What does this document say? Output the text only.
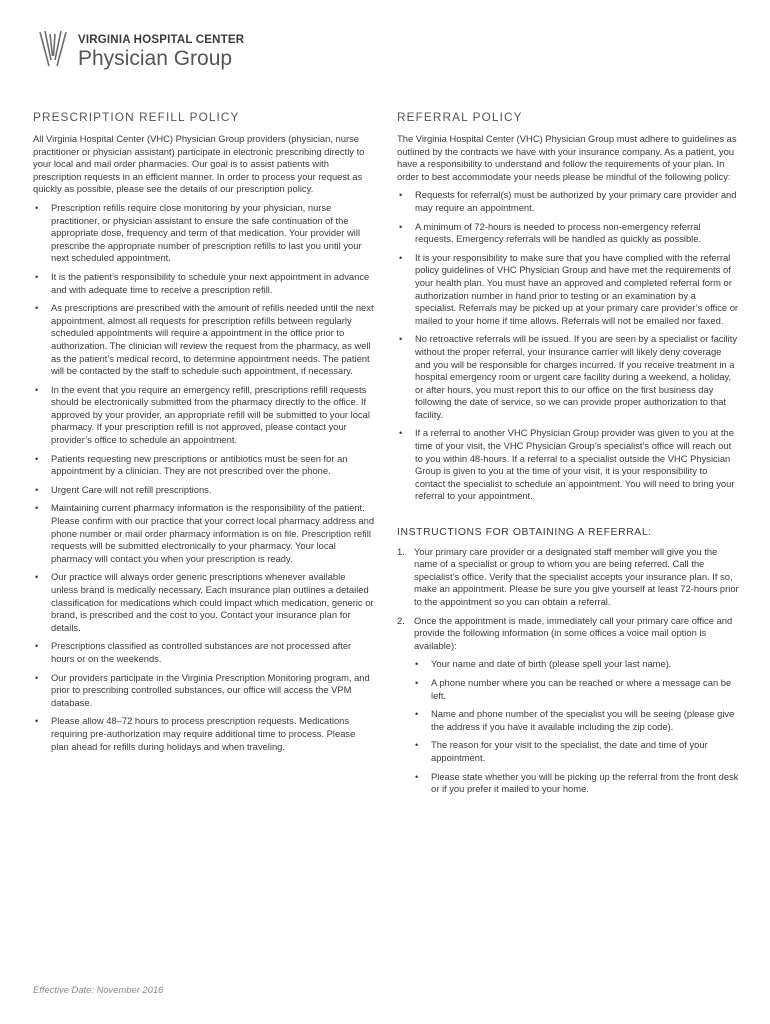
VIRGINIA HOSPITAL CENTER
Physician Group
PRESCRIPTION REFILL POLICY
All Virginia Hospital Center (VHC) Physician Group providers (physician, nurse practitioner or physician assistant) participate in electronic prescribing directly to your local and mail order pharmacies. Our goal is to assist patients with prescription requests in an efficient manner. In order to process your request as quickly as possible, please see the details of our prescription policy.
• Prescription refills require close monitoring by your physician, nurse practitioner, or physician assistant to ensure the safe continuation of the appropriate dose, frequency and term of that medication. Your provider will prescribe the appropriate number of prescription refills to last you until your next scheduled appointment.
• It is the patient’s responsibility to schedule your next appointment in advance and with adequate time to receive a prescription refill.
• As prescriptions are prescribed with the amount of refills needed until the next appointment, almost all requests for prescription refills between regularly scheduled appointments will require a appointment in the office prior to authorization. The clinician will review the request from the pharmacy, as well as the patient’s medical record, to determine appointment needs. The patient will be contacted by the staff to schedule such appointment, if necessary.
• In the event that you require an emergency refill, prescriptions refill requests should be electronically submitted from the pharmacy directly to the office. If approved by your provider, an appropriate refill will be submitted to your local pharmacy. If your prescription refill is not approved, please contact your provider’s office to schedule an appointment.
• Patients requesting new prescriptions or antibiotics must be seen for an appointment by a clinician. They are not prescribed over the phone.
• Urgent Care will not refill prescriptions.
• Maintaining current pharmacy information is the responsibility of the patient. Please confirm with our practice that your correct local pharmacy address and phone number or mail order pharmacy information is on file. Prescription refill requests will be submitted electronically to your pharmacy. Your local pharmacy will contact you when your prescription is ready.
• Our practice will always order generic prescriptions whenever available unless brand is medically necessary. Each insurance plan outlines a detailed classification for medications which could impact which medication, generic or brand, is prescribed and the cost to you. Contact your insurance plan for details.
• Prescriptions classified as controlled substances are not processed after hours or on the weekends.
• Our providers participate in the Virginia Prescription Monitoring program, and prior to prescribing controlled substances, our office will access the VPM database.
• Please allow 48–72 hours to process prescription requests. Medications requiring pre-authorization may require additional time to process. Please plan ahead for refills during holidays and when traveling.
REFERRAL POLICY
The Virginia Hospital Center (VHC) Physician Group must adhere to guidelines as outlined by the contracts we have with your insurance company. As a patient, you have a responsibility to understand and follow the requirements of your plan. In order to best accommodate your needs please be mindful of the following policy:
• Requests for referral(s) must be authorized by your primary care provider and may require an appointment.
• A minimum of 72-hours is needed to process non-emergency referral requests. Emergency referrals will be handled as quickly as possible.
• It is your responsibility to make sure that you have complied with the referral policy guidelines of VHC Physician Group and have met the requirements of your health plan. You must have an approved and completed referral form or authorization number in hand prior to testing or an examination by a specialist. Referrals may be picked up at your primary care provider’s office or mailed to your home if time allows. Referrals will not be emailed nor faxed.
• No retroactive referrals will be issued. If you are seen by a specialist or facility without the proper referral, your insurance carrier will likely deny coverage and you will be responsible for charges incurred. If you receive treatment in a hospital emergency room or urgent care facility during a weekend, a holiday, or after hours, you must report this to our office on the first business day following the date of service, so we can provide proper authorization to that facility.
• If a referral to another VHC Physician Group provider was given to you at the time of your visit, the VHC Physician Group’s specialist’s office will reach out to you within 48-hours. If a referral to a specialist outside the VHC Physician Group is given to you at the time of your visit, it is your responsibility to contact the specialist to schedule an appointment. You will need to bring your referral to your appointment.
INSTRUCTIONS FOR OBTAINING A REFERRAL:
1. Your primary care provider or a designated staff member will give you the name of a specialist or group to whom you are being referred. Call the specialist’s office. Verify that the specialist accepts your insurance plan. If so, make an appointment. Please be sure you give yourself at least 72-hours prior to the appointment so you can obtain a referral.
2. Once the appointment is made, immediately call your primary care office and provide the following information (in some offices a voice mail option is available):
• Your name and date of birth (please spell your last name).
• A phone number where you can be reached or where a message can be left.
• Name and phone number of the specialist you will be seeing (please give the address if you have it available including the zip code).
• The reason for your visit to the specialist, the date and time of your appointment.
• Please state whether you will be picking up the referral from the front desk or if you prefer it mailed to your home.
Effective Date: November 2016
